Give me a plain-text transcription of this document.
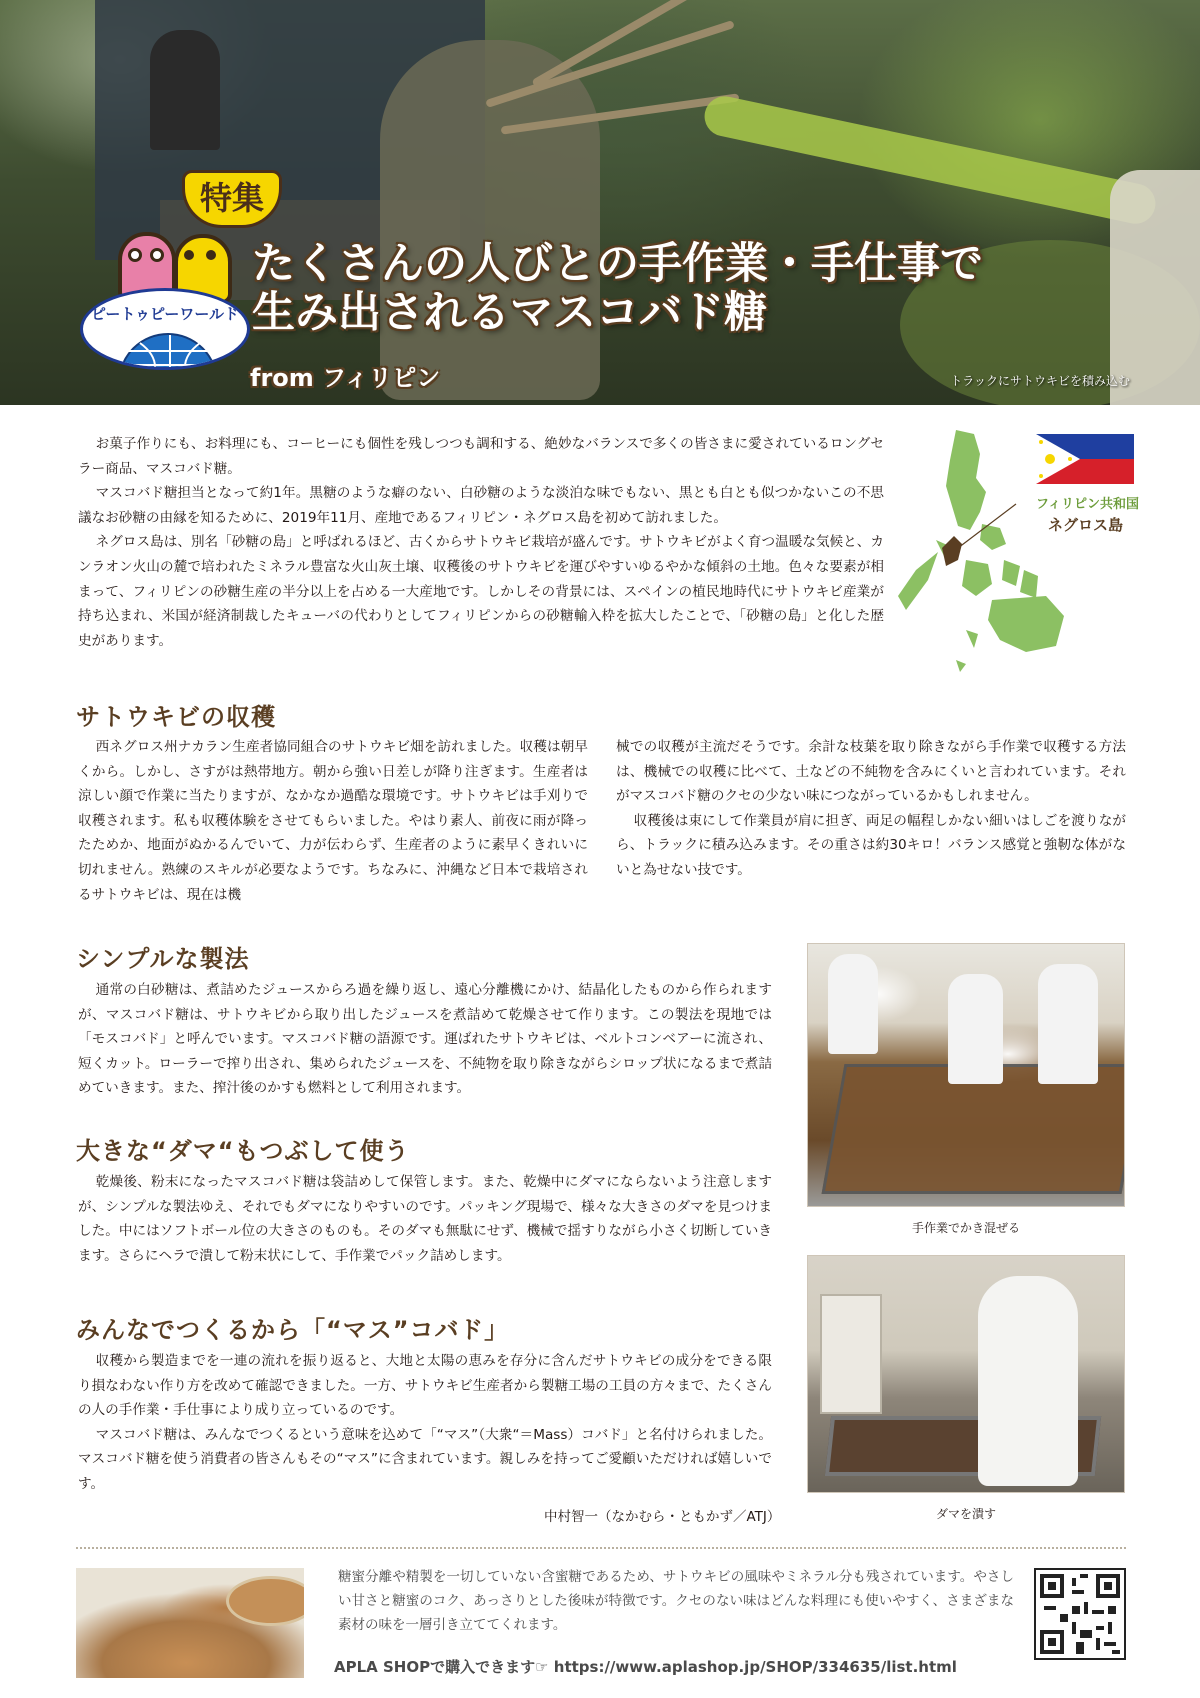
特集
ピートゥピーワールド
たくさんの人びとの手作業・手仕事で
生み出されるマスコバド糖
from フィリピン	トラックにサトウキビを積み込む

お菓子作りにも、お料理にも、コーヒーにも個性を残しつつも調和する、絶妙なバランスで多くの皆さまに愛されているロングセラー商品、マスコバド糖。

マスコバド糖担当となって約1年。黒糖のような癖のない、白砂糖のような淡泊な味でもない、黒とも白とも似つかないこの不思議なお砂糖の由縁を知るために、2019年11月、産地であるフィリピン・ネグロス島を初めて訪れました。

ネグロス島は、別名「砂糖の島」と呼ばれるほど、古くからサトウキビ栽培が盛んです。サトウキビがよく育つ温暖な気候と、カンラオン火山の麓で培われたミネラル豊富な火山灰土壌、収穫後のサトウキビを運びやすいゆるやかな傾斜の土地。色々な要素が相まって、フィリピンの砂糖生産の半分以上を占める一大産地です。しかしその背景には、スペインの植民地時代にサトウキビ産業が持ち込まれ、米国が経済制裁したキューバの代わりとしてフィリピンからの砂糖輸入枠を拡大したことで、「砂糖の島」と化した歴史があります。

フィリピン共和国
ネグロス島
サトウキビの収穫

西ネグロス州ナカラン生産者協同組合のサトウキビ畑を訪れました。収穫は朝早くから。しかし、さすがは熱帯地方。朝から強い日差しが降り注ぎます。生産者は涼しい顔で作業に当たりますが、なかなか過酷な環境です。サトウキビは手刈りで収穫されます。私も収穫体験をさせてもらいました。やはり素人、前夜に雨が降ったためか、地面がぬかるんでいて、力が伝わらず、生産者のように素早くきれいに切れません。熟練のスキルが必要なようです。ちなみに、沖縄など日本で栽培されるサトウキビは、現在は機

械での収穫が主流だそうです。余計な枝葉を取り除きながら手作業で収穫する方法は、機械での収穫に比べて、土などの不純物を含みにくいと言われています。それがマスコバド糖のクセの少ない味につながっているかもしれません。

収穫後は束にして作業員が肩に担ぎ、両足の幅程しかない細いはしごを渡りながら、トラックに積み込みます。その重さは約30キロ！バランス感覚と強靭な体がないと為せない技です。

シンプルな製法

通常の白砂糖は、煮詰めたジュースからろ過を繰り返し、遠心分離機にかけ、結晶化したものから作られますが、マスコバド糖は、サトウキビから取り出したジュースを煮詰めて乾燥させて作ります。この製法を現地では「モスコバド」と呼んでいます。マスコバド糖の語源です。運ばれたサトウキビは、ベルトコンベアーに流され、短くカット。ローラーで搾り出され、集められたジュースを、不純物を取り除きながらシロップ状になるまで煮詰めていきます。また、搾汁後のかすも燃料として利用されます。

大きな“ダマ“もつぶして使う

乾燥後、粉末になったマスコバド糖は袋詰めして保管します。また、乾燥中にダマにならないよう注意しますが、シンプルな製法ゆえ、それでもダマになりやすいのです。パッキング現場で、様々な大きさのダマを見つけました。中にはソフトボール位の大きさのものも。そのダマも無駄にせず、機械で揺すりながら小さく切断していきます。さらにヘラで潰して粉末状にして、手作業でパック詰めします。

みんなでつくるから「“マス”コバド」

収穫から製造までを一連の流れを振り返ると、大地と太陽の恵みを存分に含んだサトウキビの成分をできる限り損なわない作り方を改めて確認できました。一方、サトウキビ生産者から製糖工場の工員の方々まで、たくさんの人の手作業・手仕事により成り立っているのです。

マスコバド糖は、みんなでつくるという意味を込めて「“マス”（大衆“＝Mass）コバド」と名付けられました。マスコバド糖を使う消費者の皆さんもその“マス”に含まれています。親しみを持ってご愛顧いただければ嬉しいです。

中村智一（なかむら・ともかず／ATJ）
手作業でかき混ぜる
ダマを潰す
糖蜜分離や精製を一切していない含蜜糖であるため、サトウキビの風味やミネラル分も残されています。やさしい甘さと糖蜜のコク、あっさりとした後味が特徴です。クセのない味はどんな料理にも使いやすく、さまざまな素材の味を一層引き立ててくれます。
APLA SHOPで購入できます☞ https://www.aplashop.jp/SHOP/334635/list.html
